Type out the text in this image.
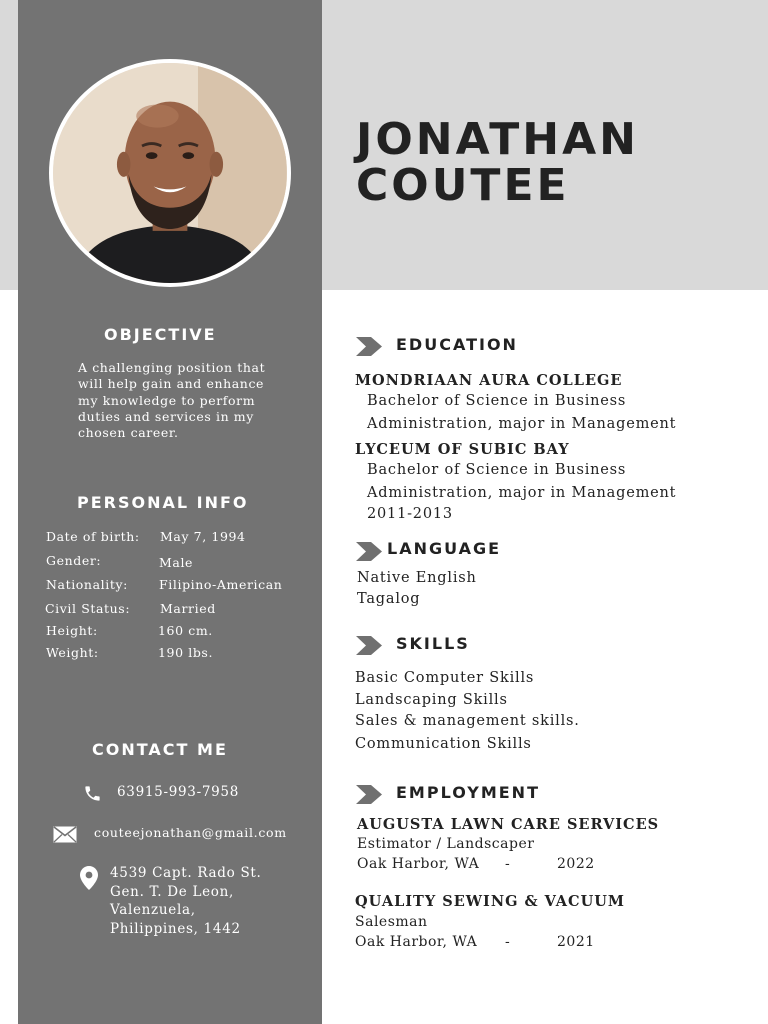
JONATHAN
COUTEE
OBJECTIVE
A challenging position that will help gain and enhance my knowledge to perform duties and services in my chosen career.
PERSONAL INFO
Date of birth: May 7, 1994
Gender:	Male
Nationality: Filipino-American
Civil Status: Married
Height:	160 cm.
Weight:	190 lbs.
CONTACT ME
63915-993-7958
couteejonathan@gmail.com
4539 Capt. Rado St.
Gen. T. De Leon,
Valenzuela,
Philippines, 1442
EDUCATION
MONDRIAAN AURA COLLEGE
Bachelor of Science in Business
Administration, major in Management
LYCEUM OF SUBIC BAY
Bachelor of Science in Business
Administration, major in Management
2011-2013
LANGUAGE
Native English
Tagalog
SKILLS
Basic Computer Skills
Landscaping Skills
Sales & management skills.
Communication Skills
EMPLOYMENT
AUGUSTA LAWN CARE SERVICES
Estimator / Landscaper
Oak Harbor, WA -	2022
QUALITY SEWING & VACUUM
Salesman
Oak Harbor, WA -	2021
